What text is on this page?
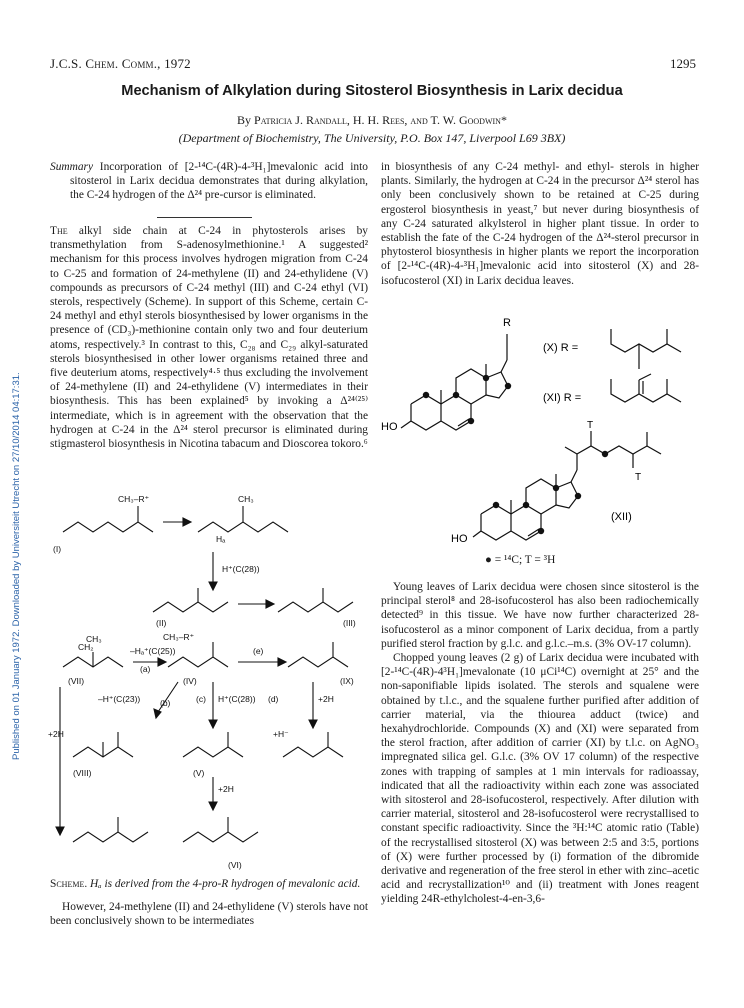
J.C.S. Chem. Comm., 1972	1295
Mechanism of Alkylation during Sitosterol Biosynthesis in Larix decidua
By Patricia J. Randall, H. H. Rees, and T. W. Goodwin*
(Department of Biochemistry, The University, P.O. Box 147, Liverpool L69 3BX)
Published on 01 January 1972. Downloaded by Universiteit Utrecht on 27/10/2014 04:17:31.

Summary Incorporation of [2-¹⁴C-(4R)-4-³H₁]mevalonic acid into sitosterol in Larix decidua demonstrates that during alkylation, the C-24 hydrogen of the Δ²⁴ pre-cursor is eliminated.

The alkyl side chain at C-24 in phytosterols arises by transmethylation from S-adenosylmethionine.¹ A suggested² mechanism for this process involves hydrogen migration from C-24 to C-25 and formation of 24-methylene (II) and 24-ethylidene (V) compounds as precursors of C-24 methyl (III) and C-24 ethyl (VI) sterols, respectively (Scheme). In support of this Scheme, certain C-24 methyl and ethyl sterols biosynthesised by lower organisms in the presence of (CD₃)-methionine contain only two and four deuterium atoms, respectively.³ In contrast to this, C₂₈ and C₂₉ alkyl-saturated sterols biosynthesised in other lower organisms retained three and five deuterium atoms, respectively⁴·⁵ thus excluding the involvement of 24-methylene (II) and 24-ethylidene (V) intermediates in their biosynthesis. This has been explained⁵ by invoking a Δ²⁴⁽²⁵⁾ intermediate, which is in agreement with the observation that the hydrogen at C-24 in the Δ²⁴ sterol precursor is eliminated during stigmasterol biosynthesis in Nicotina tabacum and Dioscorea tokoro.⁶

in biosynthesis of any C-24 methyl- and ethyl- sterols in higher plants. Similarly, the hydrogen at C-24 in the precursor Δ²⁴ sterol has only been conclusively shown to be retained at C-25 during ergosterol biosynthesis in yeast,⁷ but never during biosynthesis of any C-24 saturated alkylsterol in higher plant tissue. In order to establish the fate of the C-24 hydrogen of the Δ²⁴-sterol precursor in phytosterol biosynthesis in higher plants we report the incorporation of [2-¹⁴C-(4R)-4-³H₁]mevalonic acid into sitosterol (X) and 28-isofucosterol (XI) in Larix decidua leaves.

R
(X) R =
(XI) R =
HO
HO
T
T
(XII)
● = ¹⁴C; T = ³H

Young leaves of Larix decidua were chosen since sitosterol is the principal sterol⁸ and 28-isofucosterol has also been radiochemically detected⁹ in this tissue. We have now further characterized 28-isofucosterol as a minor component of Larix decidua, from a partly purified sterol fraction by g.l.c. and g.l.c.–m.s. (3% OV-17 column).

Chopped young leaves (2 g) of Larix decidua were incubated with [2-¹⁴C-(4R)-4³H₁]mevalonate (10 μCi¹⁴C) overnight at 25° and the non-saponifiable lipids isolated. The sterols and squalene were obtained by t.l.c., and the squalene further purified after addition of carrier material, via the thiourea adduct (twice) and hexahydrochloride. Compounds (X) and (XI) were separated from the sterol fraction, after addition of carrier (XI) by t.l.c. on AgNO₃ impregnated silica gel. G.l.c. (3% OV 17 column) of the respective zones with trapping of samples at 1 min intervals for radioassay, indicated that all the radioactivity within each zone was associated with sitosterol and 28-isofucosterol, respectively. After dilution with carrier material, sitosterol and 28-isofucosterol were recrystallised to constant specific radioactivity. Since the ³H:¹⁴C atomic ratio (Table) of the recrystallised sitosterol (X) was between 2:5 and 3:5, portions of (X) were further processed by (i) formation of the dibromide derivative and regeneration of the free sterol in ether with zinc–acetic acid and recrystallization¹⁰ and (ii) treatment with Jones reagent yielding 24R-ethylcholest-4-en-3,6-

(I)
CH₃–R⁺	CH₃
Hₐ
H⁺(C(28))
(II)	(III)
CH₃–R⁺
CH₃
CH₂	–Hₐ⁺(C(25))
(a)
(e)
(VII)	(IV)	(IX)
–H⁺(C(23)) (b)	(c) H⁺(C(28)) (d)	+2H
+2H	+H⁻
(VIII)	(V)
+2H
(VI)
Scheme. Hₐ is derived from the 4-pro-R hydrogen of mevalonic acid.

However, 24-methylene (II) and 24-ethylidene (V) sterols have not been conclusively shown to be intermediates
